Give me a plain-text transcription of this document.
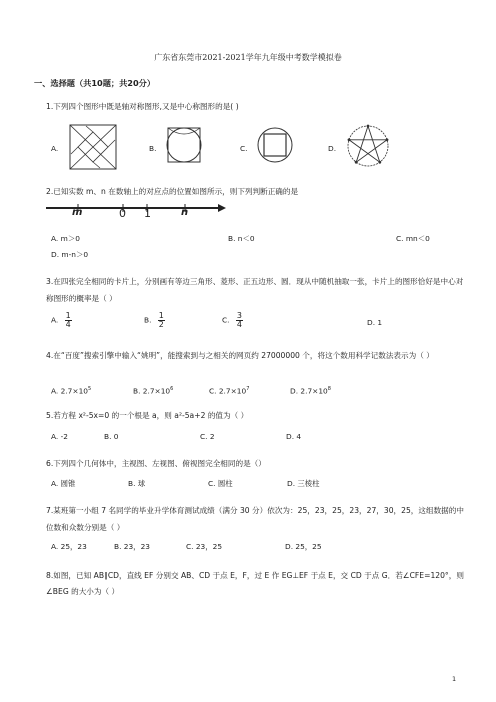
广东省东莞市2021-2021学年九年级中考数学模拟卷
一、选择题（共10题；共20分）
1.下列四个图形中既是轴对称图形,又是中心称图形的是( )
A.	B.	C.	D.
2.已知实数 m、n 在数轴上的对应点的位置如图所示，则下列判断正确的是
m	0 1	n
A. m＞0	B. n＜0	C. mn＜0
D. m-n＞0
3.在四张完全相同的卡片上，分别画有等边三角形、菱形、正五边形、圆．现从中随机抽取一张，卡片上的图形恰好是中心对称图形的概率是（ ）
A. $\frac{1}{4}$	B. $\frac{1}{2}$	C. $\frac{3}{4}$	D. 1
4.在“百度”搜索引擎中输入“姚明”，能搜索到与之相关的网页约 27000000 个，将这个数用科学记数法表示为（ ）
A. $2.7\times 10^5$	B. $2.7\times 10^6$	C. $2.7\times 10^7$	D. $2.7\times 10^8$
5.若方程 x²-5x=0 的一个根是 a，则 a²-5a+2 的值为（ ）
A. -2	B. 0	C. 2	D. 4
6.下列四个几何体中，主视图、左视图、俯视图完全相同的是（）
A. 圆锥	B. 球	C. 圆柱	D. 三棱柱
7.某班第一小组 7 名同学的毕业升学体育测试成绩（满分 30 分）依次为：25，23，25，23，27，30，25，这组数据的中位数和众数分别是（ ）
A. 25，23	B. 23，23	C. 23，25	D. 25，25
8.如图，已知 AB∥CD，直线 EF 分别交 AB、CD 于点 E，F，过 E 作 EG⊥EF 于点 E，交 CD 于点 G．若∠CFE=120°，则∠BEG 的大小为（ ）
1
